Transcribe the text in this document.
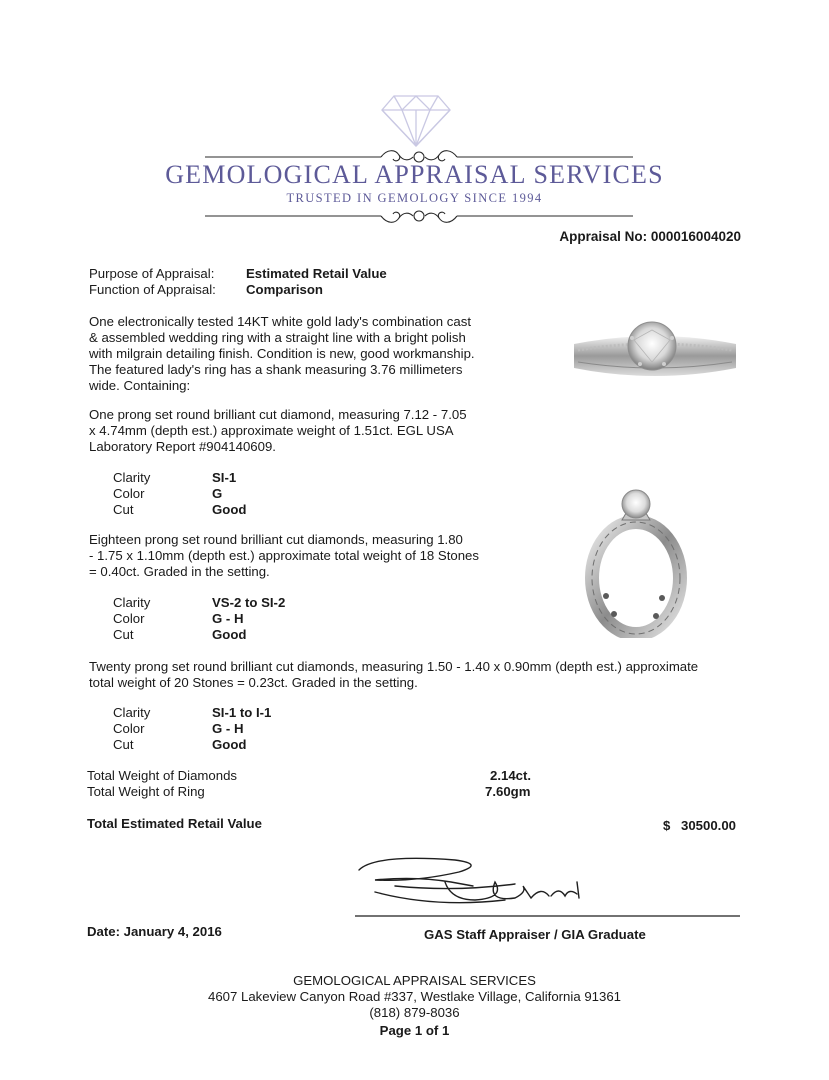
GEMOLOGICAL APPRAISAL SERVICES
TRUSTED IN GEMOLOGY SINCE 1994
Appraisal No: 000016004020
Purpose of Appraisal: Estimated Retail Value
Function of Appraisal: Comparison
One electronically tested 14KT white gold lady's combination cast
& assembled wedding ring with a straight line with a bright polish
with milgrain detailing finish. Condition is new, good workmanship.
The featured lady's ring has a shank measuring 3.76 millimeters
wide. Containing:
One prong set round brilliant cut diamond, measuring 7.12 - 7.05
x 4.74mm (depth est.) approximate weight of 1.51ct. EGL USA
Laboratory Report #904140609.
Clarity	SI-1
Color	G
Cut	Good
Eighteen prong set round brilliant cut diamonds, measuring 1.80
- 1.75 x 1.10mm (depth est.) approximate total weight of 18 Stones
= 0.40ct. Graded in the setting.
Clarity	VS-2 to SI-2
Color	G - H
Cut	Good
Twenty prong set round brilliant cut diamonds, measuring 1.50 - 1.40 x 0.90mm (depth est.) approximate
total weight of 20 Stones = 0.23ct. Graded in the setting.
Clarity	SI-1 to I-1
Color	G - H
Cut	Good
Total Weight of Diamonds	2.14ct.
Total Weight of Ring	7.60gm
Total Estimated Retail Value	$ 30500.00
Date: January 4, 2016	GAS Staff Appraiser / GIA Graduate
GEMOLOGICAL APPRAISAL SERVICES
4607 Lakeview Canyon Road #337, Westlake Village, California 91361
(818) 879-8036
Page 1 of 1
